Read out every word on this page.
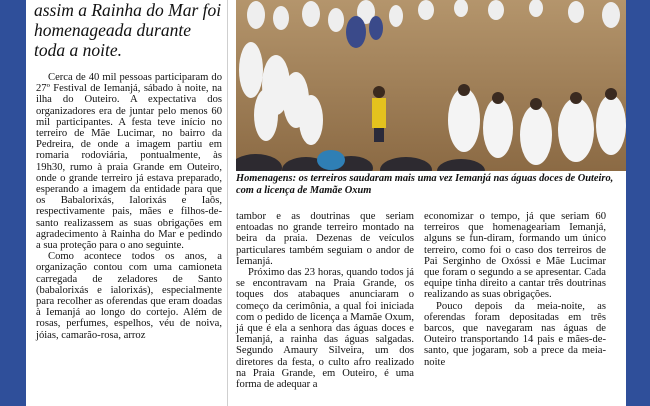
assim a Rainha do Mar foi homenageada durante toda a noite.

Cerca de 40 mil pessoas participaram do 27º Festival de Iemanjá, sábado à noite, na ilha do Outeiro. A expectativa dos organizadores era de juntar pelo menos 60 mil participantes. A festa teve início no terreiro de Mãe Lucimar, no bairro da Pedreira, de onde a imagem partiu em romaria rodoviária, pontualmente, às 19h30, rumo à praia Grande em Outeiro, onde o grande terreiro já estava preparado, esperando a imagem da entidade para que os Babalorixás, Ialorixás e Iaôs, respectivamente pais, mães e filhos-de-santo realizassem as suas obrigações em agradecimento à Rainha do Mar e pedindo a sua proteção para o ano seguinte.

Como acontece todos os anos, a organização contou com uma camioneta carregada de zeladores de Santo (babalorixás e ialorixás), especialmente para recolher as oferendas que eram doadas à Iemanjá ao longo do cortejo. Além de rosas, perfumes, espelhos, véu de noiva, jóias, camarão-rosa, arroz

Homenagens: os terreiros saudaram mais uma vez Iemanjá nas águas doces de Outeiro, com a licença de Mamãe Oxum

tambor e as doutrinas que seriam entoadas no grande terreiro montado na beira da praia. Dezenas de veículos particulares também seguiam o andor de Iemanjá.

Próximo das 23 horas, quando todos já se encontravam na Praia Grande, os toques dos atabaques anunciaram o começo da cerimônia, a qual foi iniciada com o pedido de licença a Mamãe Oxum, já que é ela a senhora das águas doces e Iemanjá, a rainha das águas salgadas. Segundo Amaury Silveira, um dos diretores da festa, o culto afro realizado na Praia Grande, em Outeiro, é uma forma de adequar a

economizar o tempo, já que seriam 60 terreiros que homenageariam Iemanjá, alguns se fun-diram, formando um único terreiro, como foi o caso dos terreiros de Pai Serginho de Oxóssi e Mãe Lucimar que foram o segundo a se apresentar. Cada equipe tinha direito a cantar três doutrinas realizando as suas obrigações.

Pouco depois da meia-noite, as oferendas foram depositadas em três barcos, que navegaram nas águas de Outeiro transportando 14 pais e mães-de-santo, que jogaram, sob a prece da meia-noite
